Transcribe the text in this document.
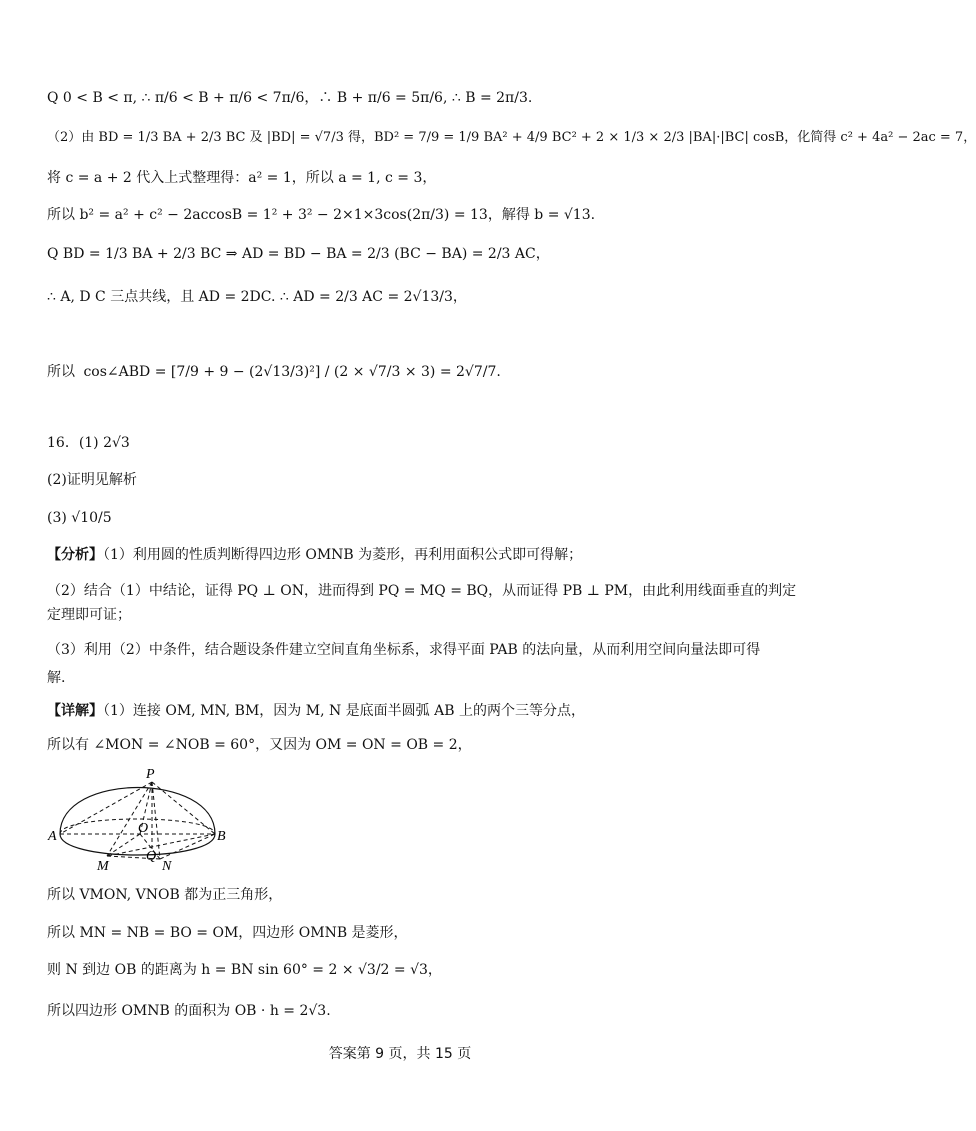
Q 0 < B < π, ∴ π/6 < B + π/6 < 7π/6，∴ B + π/6 = 5π/6, ∴ B = 2π/3.
（2）由 BD = 1/3 BA + 2/3 BC 及 |BD| = √7/3 得，BD² = 7/9 = 1/9 BA² + 4/9 BC² + 2 × 1/3 × 2/3 |BA|·|BC| cosB，化简得 c² + 4a² − 2ac = 7，
将 c = a + 2 代入上式整理得：a² = 1，所以 a = 1, c = 3，
所以 b² = a² + c² − 2accosB = 1² + 3² − 2×1×3cos(2π/3) = 13，解得 b = √13.
Q BD = 1/3 BA + 2/3 BC ⇒ AD = BD − BA = 2/3 (BC − BA) = 2/3 AC，
∴ A, D C 三点共线，且 AD = 2DC. ∴ AD = 2/3 AC = 2√13/3，
所以 cos∠ABD = [7/9 + 9 − (2√13/3)²] / (2 × √7/3 × 3) = 2√7/7.
16．(1) 2√3
(2)证明见解析
(3) √10/5
【分析】（1）利用圆的性质判断得四边形 OMNB 为菱形，再利用面积公式即可得解；
（2）结合（1）中结论，证得 PQ ⊥ ON，进而得到 PQ = MQ = BQ，从而证得 PB ⊥ PM，由此利用线面垂直的判定
定理即可证；
（3）利用（2）中条件，结合题设条件建立空间直角坐标系，求得平面 PAB 的法向量，从而利用空间向量法即可得
解.
【详解】（1）连接 OM, MN, BM，因为 M, N 是底面半圆弧 AB 上的两个三等分点，
所以有 ∠MON = ∠NOB = 60°，又因为 OM = ON = OB = 2，
P
A
O
B
M
Q
N
所以 VMON, VNOB 都为正三角形，
所以 MN = NB = BO = OM，四边形 OMNB 是菱形，
则 N 到边 OB 的距离为 h = BN sin 60° = 2 × √3/2 = √3，
所以四边形 OMNB 的面积为 OB · h = 2√3.
答案第 9 页，共 15 页
